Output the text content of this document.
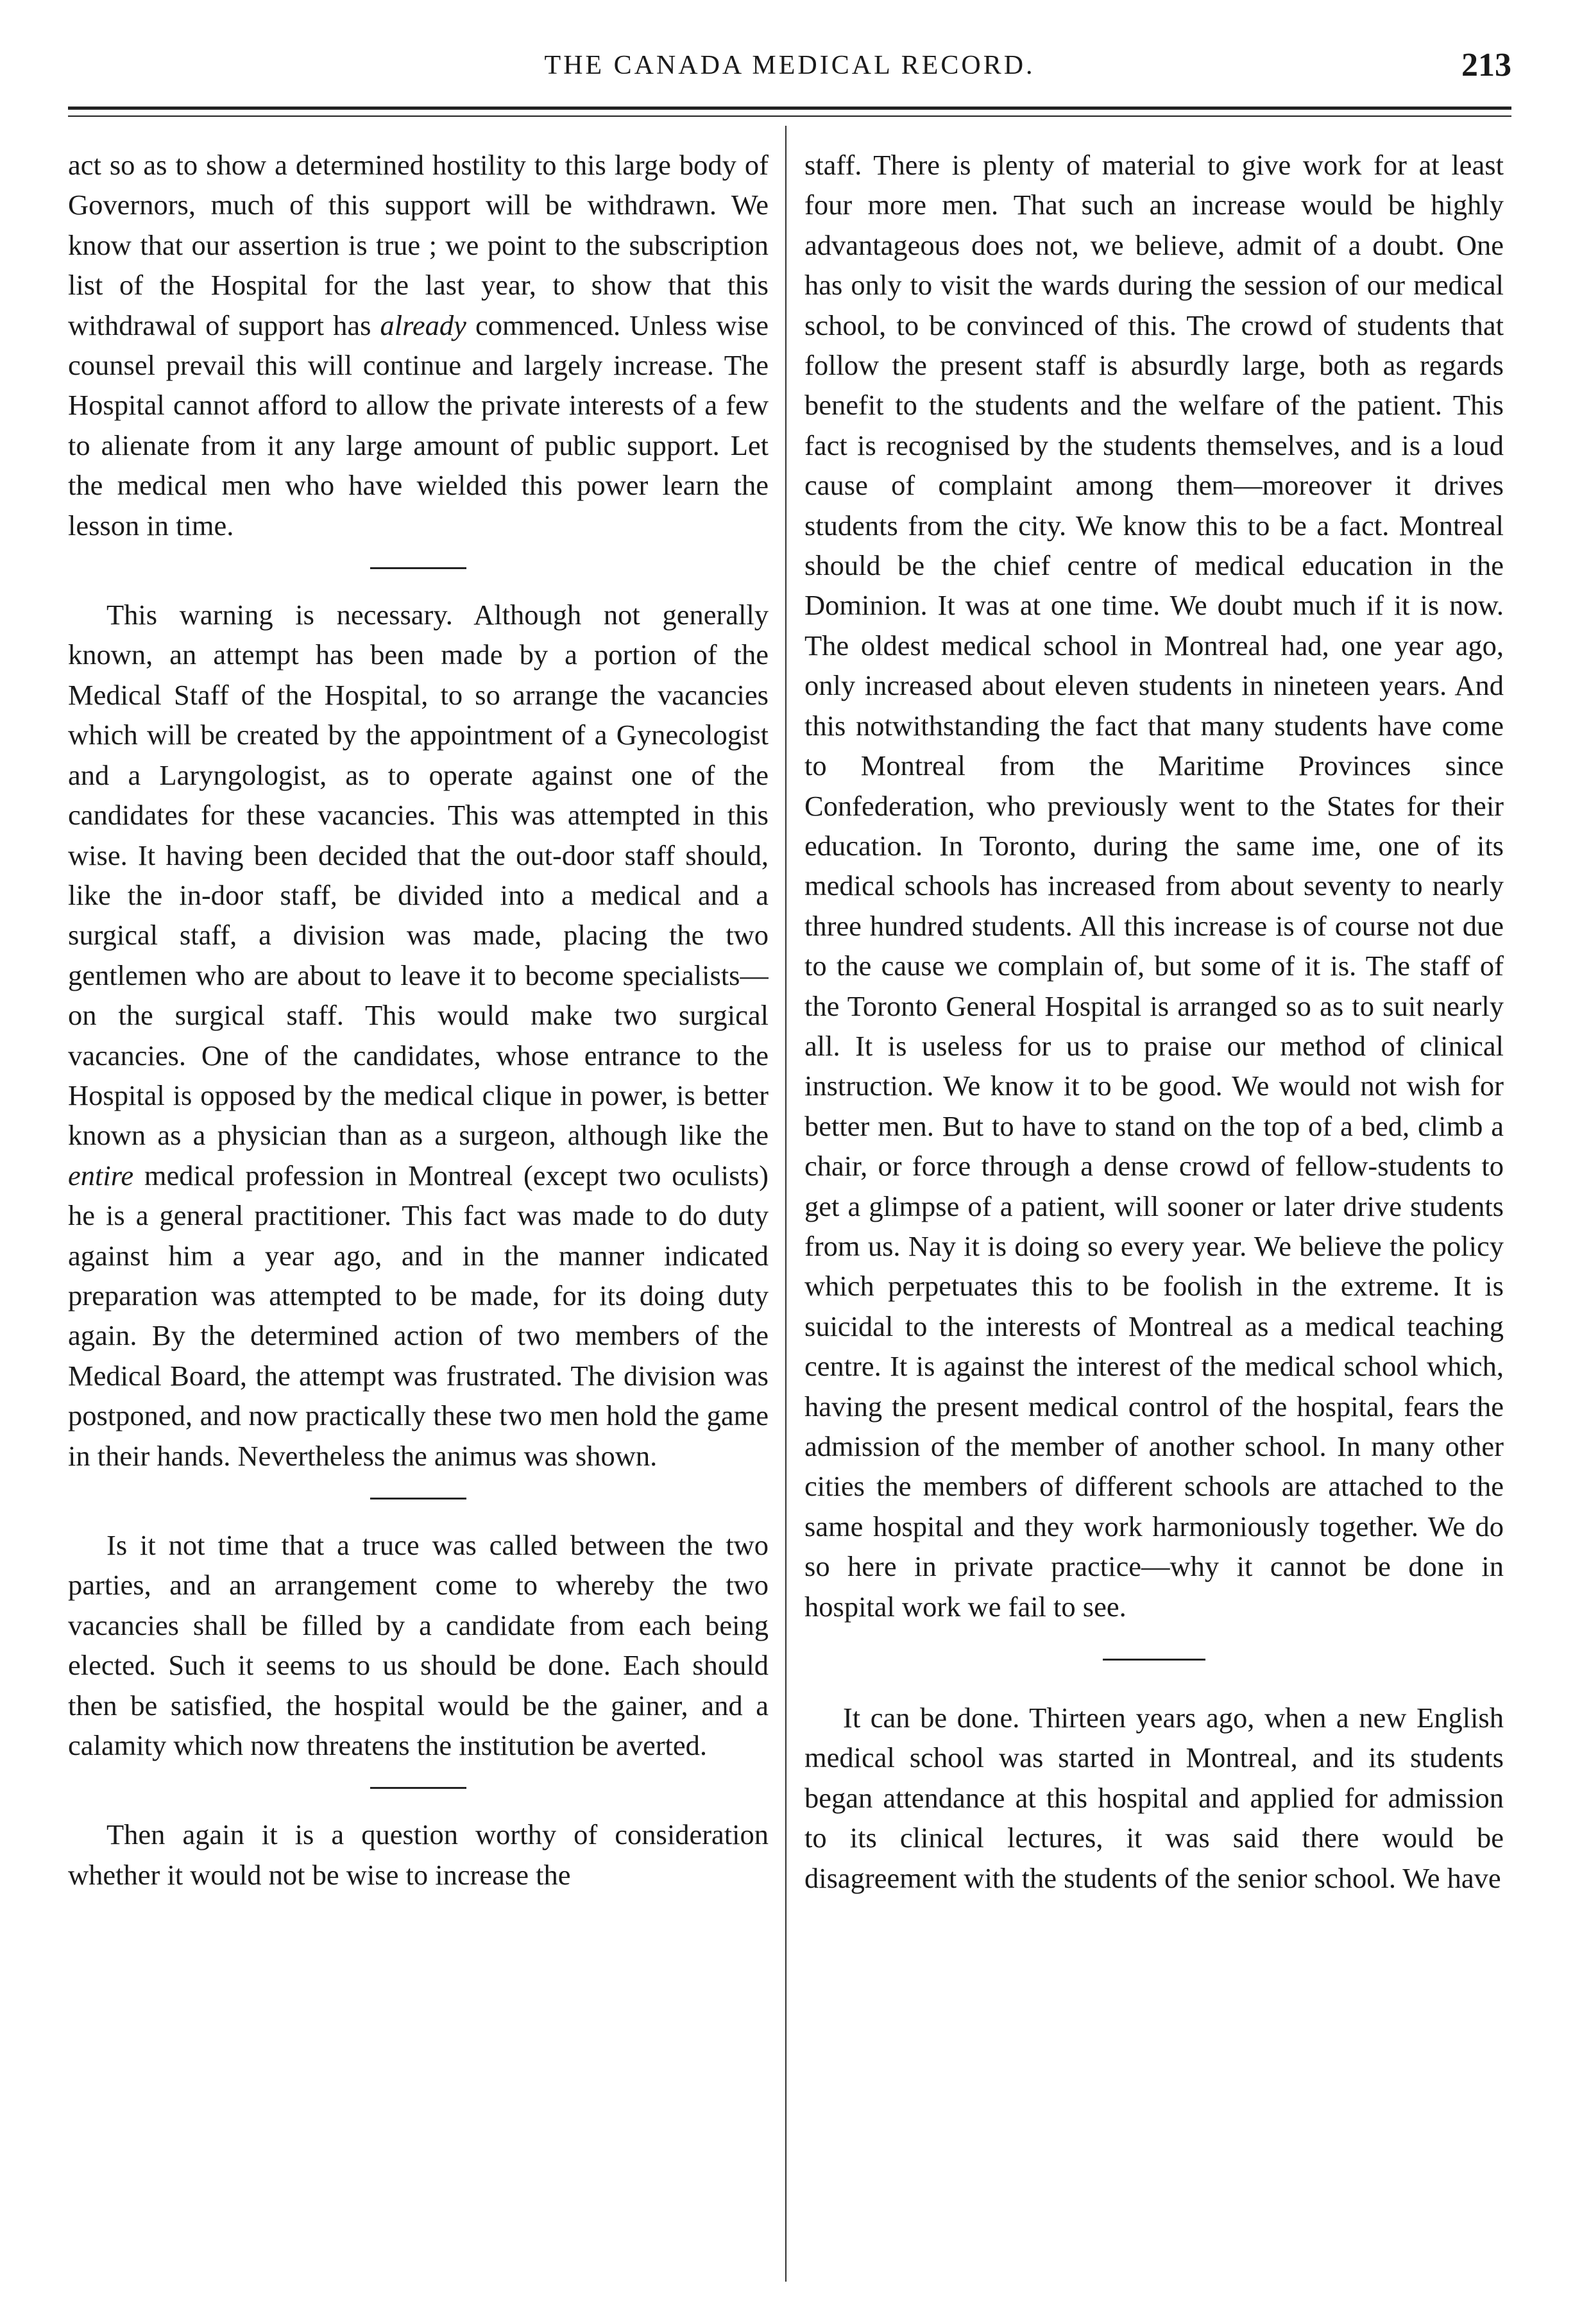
THE CANADA MEDICAL RECORD.	213

act so as to show a determined hostility to this large body of Governors, much of this support will be withdrawn. We know that our assertion is true ; we point to the subscription list of the Hospital for the last year, to show that this withdrawal of support has already commenced. Unless wise counsel prevail this will continue and largely increase. The Hospital cannot afford to allow the private interests of a few to alienate from it any large amount of public support. Let the medical men who have wielded this power learn the lesson in time.

This warning is necessary. Although not generally known, an attempt has been made by a portion of the Medical Staff of the Hospital, to so arrange the vacancies which will be created by the appointment of a Gynecologist and a Laryngologist, as to operate against one of the candidates for these vacancies. This was attempted in this wise. It having been decided that the out-door staff should, like the in-door staff, be divided into a medical and a surgical staff, a division was made, placing the two gentlemen who are about to leave it to become specialists—on the surgical staff. This would make two surgical vacancies. One of the candidates, whose entrance to the Hospital is opposed by the medical clique in power, is better known as a physician than as a surgeon, although like the entire medical profession in Montreal (except two oculists) he is a general practitioner. This fact was made to do duty against him a year ago, and in the manner indicated preparation was attempted to be made, for its doing duty again. By the determined action of two members of the Medical Board, the attempt was frustrated. The division was postponed, and now practically these two men hold the game in their hands. Nevertheless the animus was shown.

Is it not time that a truce was called between the two parties, and an arrangement come to whereby the two vacancies shall be filled by a candidate from each being elected. Such it seems to us should be done. Each should then be satisfied, the hospital would be the gainer, and a calamity which now threatens the institution be averted.

Then again it is a question worthy of consideration whether it would not be wise to increase the

staff. There is plenty of material to give work for at least four more men. That such an increase would be highly advantageous does not, we believe, admit of a doubt. One has only to visit the wards during the session of our medical school, to be convinced of this. The crowd of students that follow the present staff is absurdly large, both as regards benefit to the students and the welfare of the patient. This fact is recognised by the students themselves, and is a loud cause of complaint among them—moreover it drives students from the city. We know this to be a fact. Montreal should be the chief centre of medical education in the Dominion. It was at one time. We doubt much if it is now. The oldest medical school in Montreal had, one year ago, only increased about eleven students in nineteen years. And this notwithstanding the fact that many students have come to Montreal from the Maritime Provinces since Confederation, who previously went to the States for their education. In Toronto, during the same ime, one of its medical schools has increased from about seventy to nearly three hundred students. All this increase is of course not due to the cause we complain of, but some of it is. The staff of the Toronto General Hospital is arranged so as to suit nearly all. It is useless for us to praise our method of clinical instruction. We know it to be good. We would not wish for better men. But to have to stand on the top of a bed, climb a chair, or force through a dense crowd of fellow-students to get a glimpse of a patient, will sooner or later drive students from us. Nay it is doing so every year. We believe the policy which perpetuates this to be foolish in the extreme. It is suicidal to the interests of Montreal as a medical teaching centre. It is against the interest of the medical school which, having the present medical control of the hospital, fears the admission of the member of another school. In many other cities the members of different schools are attached to the same hospital and they work harmoniously together. We do so here in private practice—why it cannot be done in hospital work we fail to see.

It can be done. Thirteen years ago, when a new English medical school was started in Montreal, and its students began attendance at this hospital and applied for admission to its clinical lectures, it was said there would be disagreement with the students of the senior school. We have
